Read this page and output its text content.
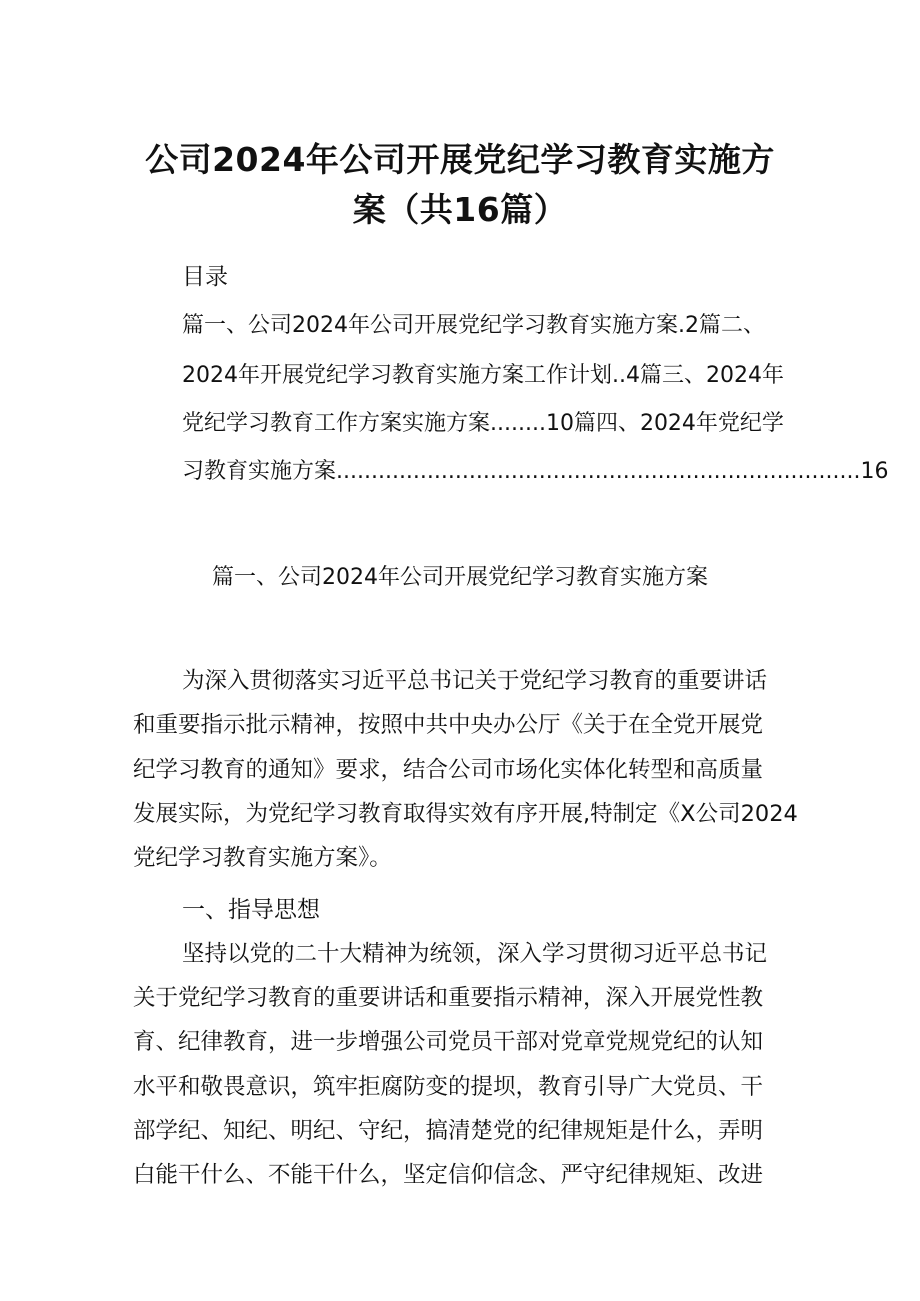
公司2024年公司开展党纪学习教育实施方
案（共16篇）
目录
篇一、公司2024年公司开展党纪学习教育实施方案.2篇二、
2024年开展党纪学习教育实施方案工作计划..4篇三、2024年
党纪学习教育工作方案实施方案........10篇四、2024年党纪学
习教育实施方案...........................................................................16
篇一、公司2024年公司开展党纪学习教育实施方案
为深入贯彻落实习近平总书记关于党纪学习教育的重要讲话
和重要指示批示精神，按照中共中央办公厅《关于在全党开展党
纪学习教育的通知》要求，结合公司市场化实体化转型和高质量
发展实际，为党纪学习教育取得实效有序开展,特制定《X公司2024
党纪学习教育实施方案》。
一、指导思想
坚持以党的二十大精神为统领，深入学习贯彻习近平总书记
关于党纪学习教育的重要讲话和重要指示精神，深入开展党性教
育、纪律教育，进一步增强公司党员干部对党章党规党纪的认知
水平和敬畏意识，筑牢拒腐防变的提坝，教育引导广大党员、干
部学纪、知纪、明纪、守纪，搞清楚党的纪律规矩是什么，弄明
白能干什么、不能干什么，坚定信仰信念、严守纪律规矩、改进
